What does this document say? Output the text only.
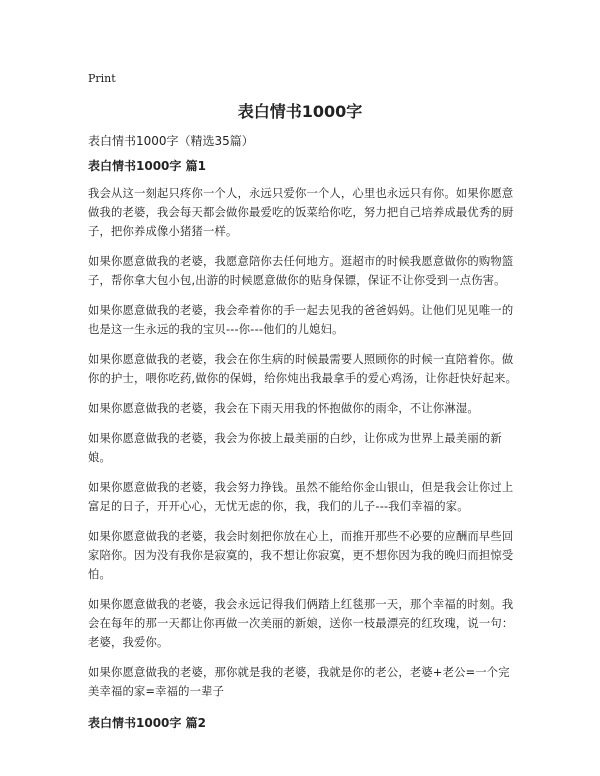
Print
表白情书1000字

表白情书1000字（精选35篇）

表白情书1000字 篇1

我会从这一刻起只疼你一个人，永远只爱你一个人，心里也永远只有你。如果你愿意做我的老婆，我会每天都会做你最爱吃的饭菜给你吃，努力把自己培养成最优秀的厨子，把你养成像小猪猪一样。

如果你愿意做我的老婆，我愿意陪你去任何地方。逛超市的时候我愿意做你的购物篮子，帮你拿大包小包,出游的时候愿意做你的贴身保镖，保证不让你受到一点伤害。

如果你愿意做我的老婆，我会牵着你的手一起去见我的爸爸妈妈。让他们见见唯一的也是这一生永远的我的宝贝---你---他们的儿媳妇。

如果你愿意做我的老婆，我会在你生病的时候最需要人照顾你的时候一直陪着你。做你的护士，喂你吃药,做你的保姆，给你炖出我最拿手的爱心鸡汤，让你赶快好起来。

如果你愿意做我的老婆，我会在下雨天用我的怀抱做你的雨伞，不让你淋湿。

如果你愿意做我的老婆，我会为你披上最美丽的白纱，让你成为世界上最美丽的新娘。

如果你愿意做我的老婆，我会努力挣钱。虽然不能给你金山银山，但是我会让你过上富足的日子，开开心心，无忧无虑的你，我，我们的儿子---我们幸福的家。

如果你愿意做我的老婆，我会时刻把你放在心上，而推开那些不必要的应酬而早些回家陪你。因为没有我你是寂寞的，我不想让你寂寞，更不想你因为我的晚归而担惊受怕。

如果你愿意做我的老婆，我会永远记得我们俩踏上红毯那一天，那个幸福的时刻。我会在每年的那一天都让你再做一次美丽的新娘，送你一枝最漂亮的红玫瑰，说一句：老婆，我爱你。

如果你愿意做我的老婆，那你就是我的老婆，我就是你的老公，老婆+老公=一个完美幸福的家=幸福的一辈子

表白情书1000字 篇2
